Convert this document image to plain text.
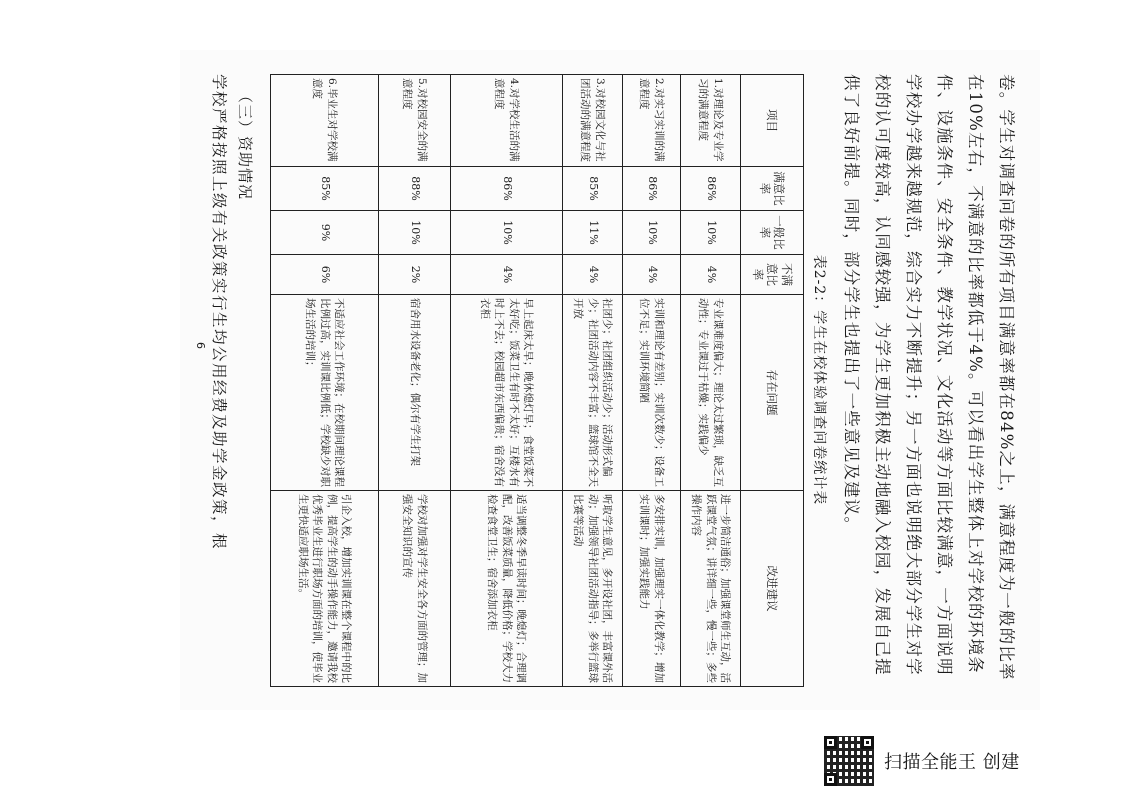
卷。学生对调查问卷的所有项目满意率都在84%之上，满意程度为一般的比率在10%左右，不满意的比率都低于4%。可以看出学生整体上对学校的环境条件、设施条件、安全条件、教学状况、文化活动等方面比较满意，一方面说明学校办学越来越规范，综合实力不断提升；另一方面也说明绝大部分学生对学校的认可度较高，认同感较强，为学生更加积极主动地融入校园，发展自己提供了良好前提。同时，部分学生也提出了一些意见及建议。

表2-2：学生在校体验调查问卷统计表
项目	满意比率	一般比率	不满意比率	存在问题	改进建议
1.对理论及专业学习的满意程度	86%	10%	4%	专业课难度偏大；理论太过繁琐，缺乏互动性；专业课过于枯燥；实践偏少	进一步简洁通俗；加强课堂师生互动，活跃课堂气氛；讲详细一些，慢一些；多些操作内容
2.对实习实训的满意程度	86%	10%	4%	实训和理论有差别；实训次数少；设备工位不足；实训环境简陋	多安排实训，加强理实一体化教学；增加实训课时；加强实践能力
3.对校园文化与社团活动的满意程度	85%	11%	4%	社团少；社团组织活动少；活动形式偏少；社团活动内容不丰富；篮球馆不全天开放	听取学生意见，多开设社团，丰富课外活动；加强领导社团活动指导；多举行篮球比赛等活动
4.对学校生活的满意程度	86%	10%	4%	早上起床太早；晚休熄灯早；食堂饭菜不太好吃；饭菜卫生有时不太好；互楼水有时上不去；校园超市东西偏贵；宿舍没有衣柜	适当调整冬季早读时间；晚熄灯；合理调配，改善饭菜质量，降低价格；学校大力检查食堂卫生；宿舍添加衣柜
5.对校园安全的满意程度	88%	10%	2%	宿舍用水设备老化；偶尔有学生打架	学校对加强对学生安全各方面的管理；加强安全知识的宣传
6.毕业生对学校满意度	85%	9%	6%	不适应社会工作环境；在校期间理论课程比例过高，实训课比例低；学校缺少对职场生活的培训；	引企入校，增加实训课在整个课程中的比例，提高学生的动手操作能力，邀请我校优秀毕业生进行职场方面的培训，使毕业生更快适应职场生活。
（三）资助情况

学校严格按照上级有关政策实行生均公用经费及助学金政策，根

6
扫描全能王 创建
